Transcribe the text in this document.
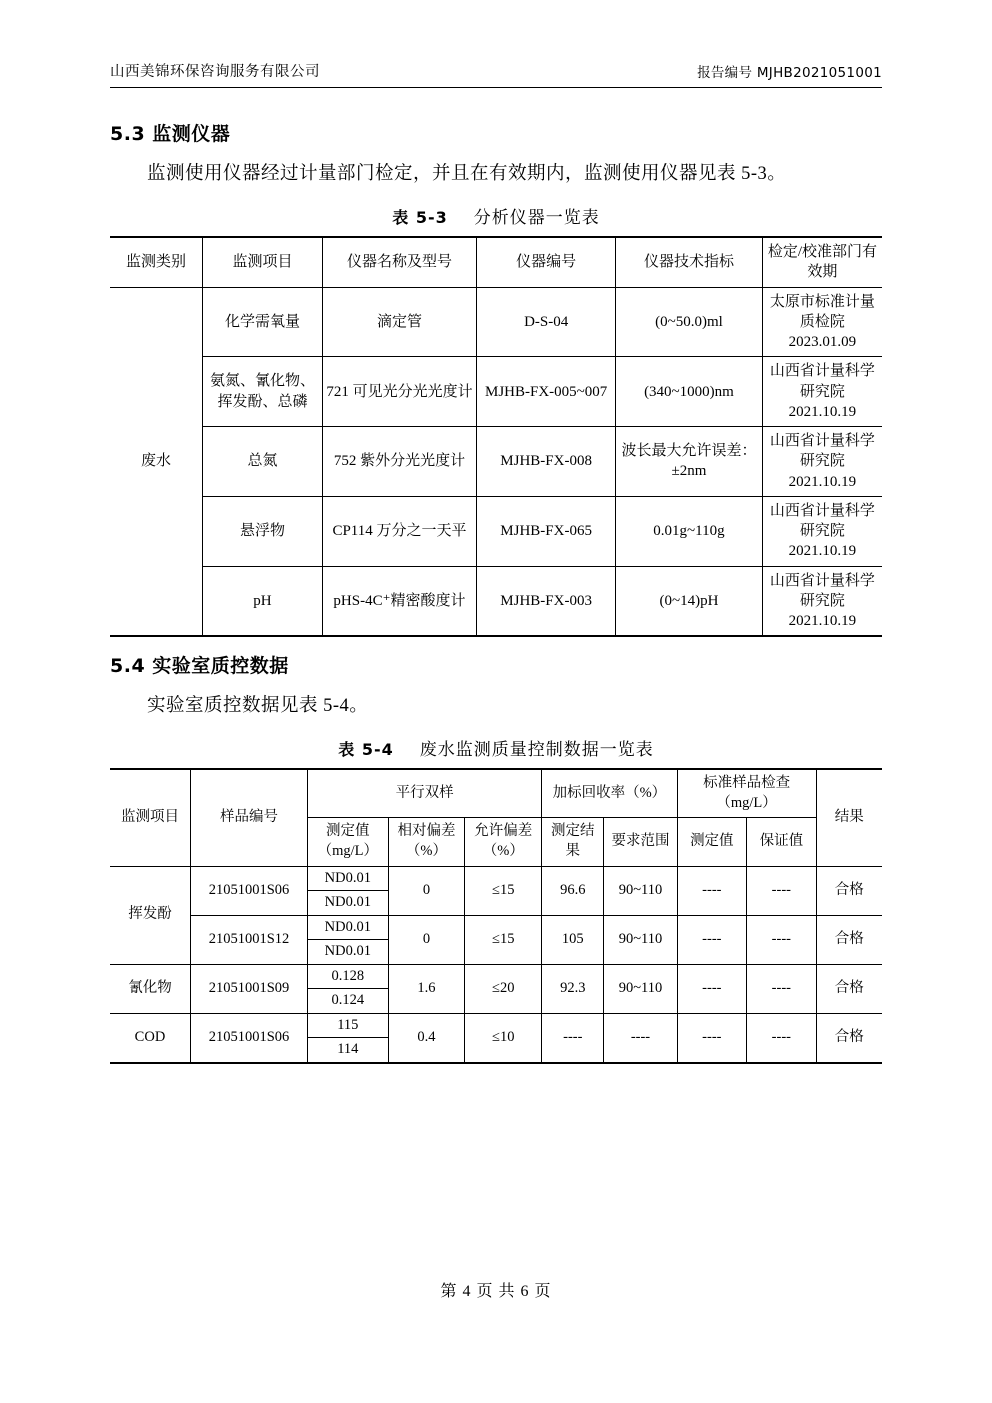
山西美锦环保咨询服务有限公司	报告编号 MJHB2021051001
5.3 监测仪器

监测使用仪器经过计量部门检定，并且在有效期内，监测使用仪器见表 5-3。

表 5-3 分析仪器一览表
监测类别	监测项目	仪器名称及型号	仪器编号	仪器技术指标	检定/校准部门有效期
废水	化学需氧量	滴定管	D-S-04	(0~50.0)ml	太原市标准计量质检院
2023.01.09

	氨氮、氰化物、挥发酚、总磷	721 可见光分光光度计	MJHB-FX-005~007	(340~1000)nm	山西省计量科学研究院
2021.10.19

	总氮	752 紫外分光光度计	MJHB-FX-008	波长最大允许误差：±2nm	山西省计量科学研究院
2021.10.19

	悬浮物	CP114 万分之一天平	MJHB-FX-065	0.01g~110g	山西省计量科学研究院
2021.10.19

	pH	pHS-4C⁺精密酸度计	MJHB-FX-003	(0~14)pH	山西省计量科学研究院
2021.10.19
5.4 实验室质控数据

实验室质控数据见表 5-4。

表 5-4 废水监测质量控制数据一览表
监测项目	样品编号	平行双样			加标回收率（%）		标准样品检查（mg/L）		结果
		测定值（mg/L）	相对偏差（%）	允许偏差（%）	测定结果	要求范围	测定值	保证值	
挥发酚	21051001S06	ND0.01	0	≤15	96.6	90~110	----	----	合格
		ND0.01							
	21051001S12	ND0.01	0	≤15	105	90~110	----	----	合格
		ND0.01							
氰化物	21051001S09	0.128	1.6	≤20	92.3	90~110	----	----	合格
		0.124							
COD	21051001S06	115	0.4	≤10	----	----	----	----	合格
		114							
第 4 页 共 6 页
